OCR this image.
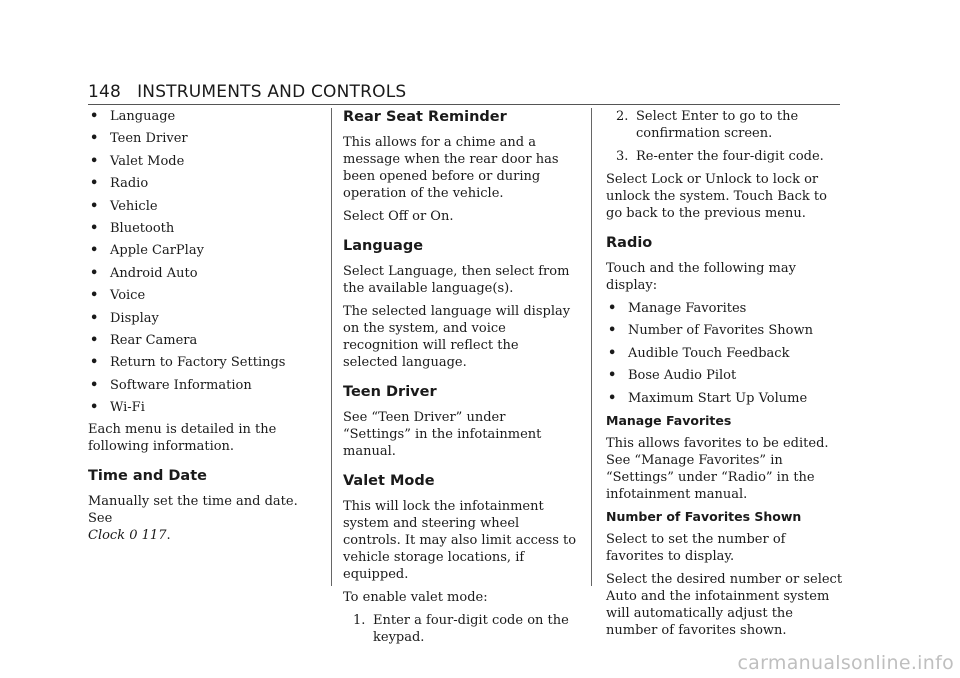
148 INSTRUMENTS AND CONTROLS
• Language
• Teen Driver
• Valet Mode
• Radio
• Vehicle
• Bluetooth
• Apple CarPlay
• Android Auto
• Voice
• Display
• Rear Camera
• Return to Factory Settings
• Software Information
• Wi-Fi

Each menu is detailed in the following information.

Time and Date

Manually set the time and date. See
Clock 0 117.

Rear Seat Reminder

This allows for a chime and a message when the rear door has been opened before or during operation of the vehicle.

Select Off or On.

Language

Select Language, then select from the available language(s).

The selected language will display on the system, and voice recognition will reflect the selected language.

Teen Driver

See “Teen Driver” under “Settings” in the infotainment manual.

Valet Mode

This will lock the infotainment system and steering wheel controls. It may also limit access to vehicle storage locations, if equipped.

To enable valet mode:

1. Enter a four-digit code on the keypad.
2. Select Enter to go to the confirmation screen.
3. Re-enter the four-digit code.

Select Lock or Unlock to lock or unlock the system. Touch Back to go back to the previous menu.

Radio

Touch and the following may display:

• Manage Favorites
• Number of Favorites Shown
• Audible Touch Feedback
• Bose Audio Pilot
• Maximum Start Up Volume
Manage Favorites

This allows favorites to be edited. See “Manage Favorites” in “Settings” under “Radio” in the infotainment manual.

Number of Favorites Shown

Select to set the number of favorites to display.

Select the desired number or select Auto and the infotainment system will automatically adjust the number of favorites shown.

carmanualsonline.info
